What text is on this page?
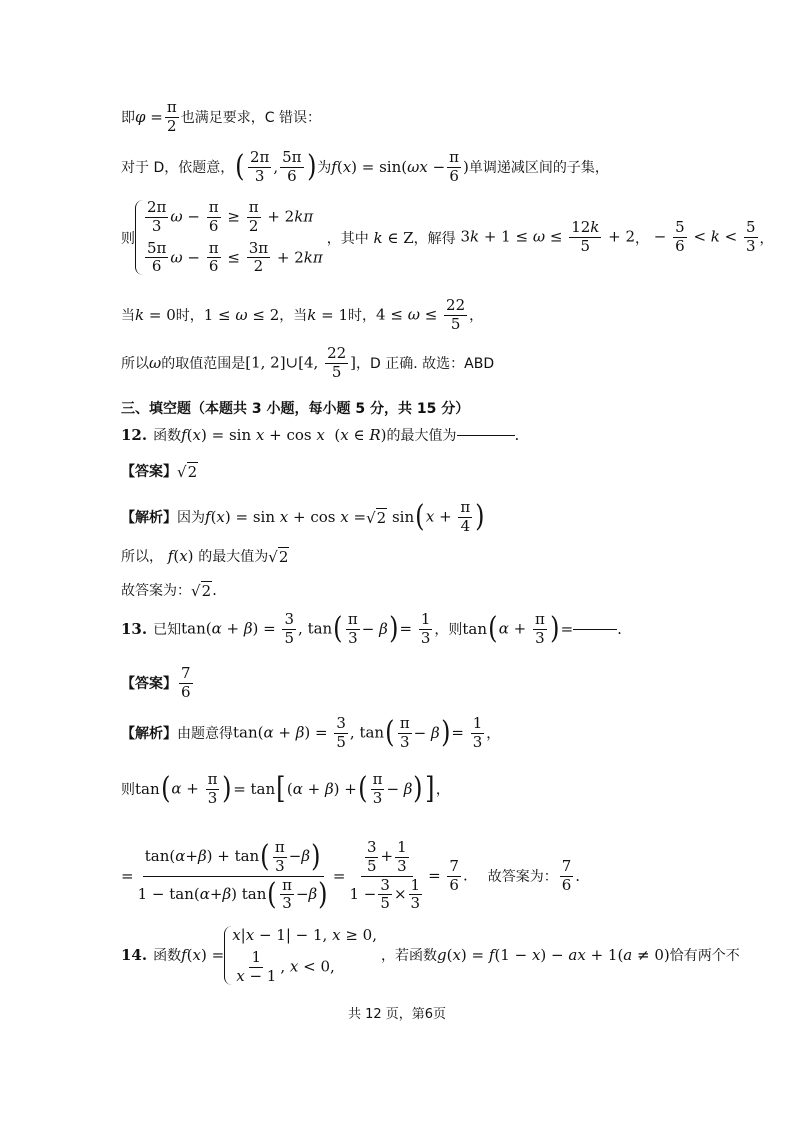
即 $\varphi = \frac{\pi}{2}$ 也满足要求，C 错误：
对于 D，依题意， ( $\frac{2\pi}{3}$ , $\frac{5\pi}{6}$ ) 为 $f(x) = \sin(\omega x - \frac{\pi}{6}$ ) 单调递减区间的子集，
则
$\frac{2\pi}{3}$ $\omega - \frac{\pi}{6} \ge \frac{\pi}{2} + 2k\pi$
$\frac{5\pi}{6}$ $\omega - \frac{\pi}{6} \le \frac{3\pi}{2} + 2k\pi$
，其中 k ∈ Z ，解得 $3k + 1 \le \omega \le \frac{12k}{5} + 2$ ， − $\frac{5}{6} < k < \frac{5}{3}$ ，
当 k = 0 时， 1 ≤ ω ≤ 2 ，当 k = 1 时， $4 \le \omega \le \frac{22}{5}$ ，
所以 ω 的取值范围是 [1, 2]∪[4, $\frac{22}{5}$ ] ，D 正确. 故选：ABD
三、填空题（本题共 3 小题，每小题 5 分，共 15 分）
12. 函数 f(x) = sin x + cos x  (x ∈ R) 的最大值为	.
【答案】 √ 2
【解析】 因为 f(x) = sin x + cos x = √ 2 sin ( $x + \frac{\pi}{4}$ )
所以， f(x) 的最大值为 √ 2
故答案为： √ 2 .
13. 已知 $\tan(\alpha + \beta) = \frac{3}{5}$ , tan ( $\frac{\pi}{3} - \beta$ ) = $\frac{1}{3}$ ，则 tan ( $\alpha + \frac{\pi}{3}$ ) =	.
【答案】 $\frac{7}{6}$
【解析】 由题意得 $\tan(\alpha + \beta) = \frac{3}{5}$ , tan ( $\frac{\pi}{3} - \beta$ ) = $\frac{1}{3}$ ，
则 tan ( $\alpha + \frac{\pi}{3}$ ) = tan [ (α + β) + ( $\frac{\pi}{3} - \beta$ ) ] ，
= $\frac{\tan( \alpha + \beta ) + \tan ( \frac{\pi}{3} - \beta )}{1 - \tan( \alpha + \beta ) \tan ( \frac{\pi}{3} - \beta )} = \frac{\frac{3}{5} + \frac{1}{3}}{1 - \frac{3}{5} \times \frac{1}{3}} = \frac{7}{6}$ . 故答案为： $\frac{7}{6}$ .
14. 函数 f(x) =
x|x − 1| − 1, x ≥ 0,
$\frac{1}{x - 1}$ , x < 0,
，若函数 g(x) = f(1 − x) − ax + 1(a ≠ 0) 恰有两个不
共 12 页，第6页
